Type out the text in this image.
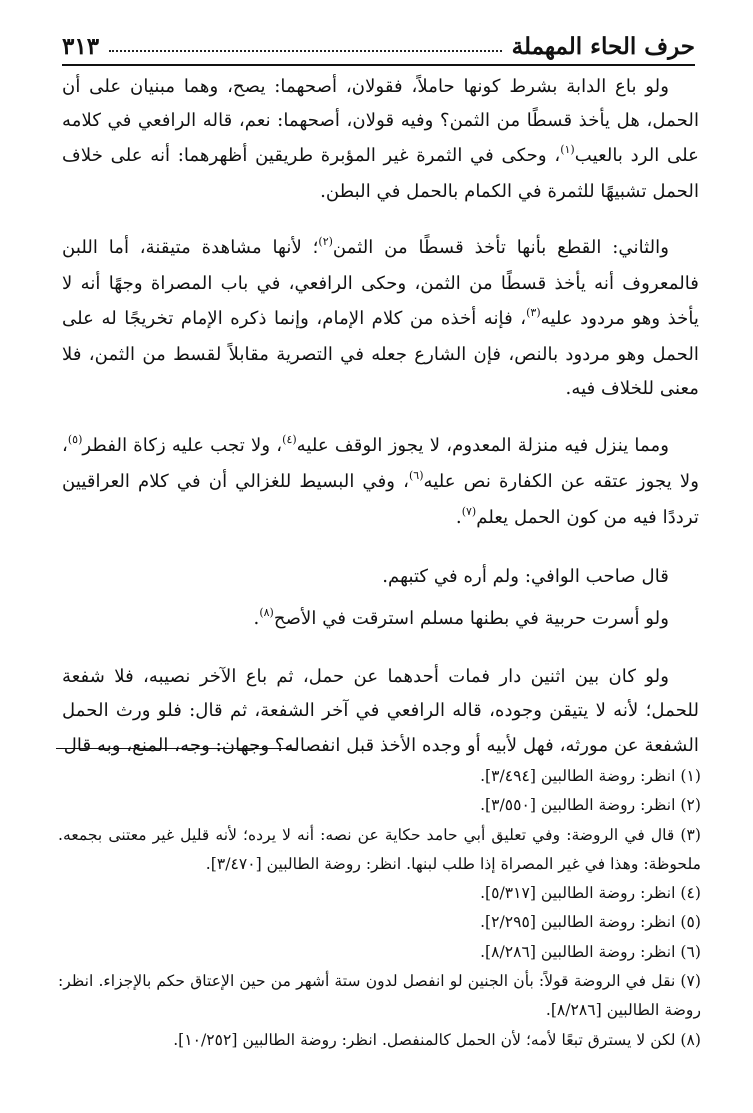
حرف الحاء المهملة
٣١٣

ولو باع الدابة بشرط كونها حاملاً، فقولان، أصحهما: يصح، وهما مبنيان على أن الحمل، هل يأخذ قسطًا من الثمن؟ وفيه قولان، أصحهما: نعم، قاله الرافعي في كلامه على الرد بالعيب$^{(١)}$، وحكى في الثمرة غير المؤبرة طريقين أظهرهما: أنه على خلاف الحمل تشبيهًا للثمرة في الكمام بالحمل في البطن.

والثاني: القطع بأنها تأخذ قسطًا من الثمن$^{(٢)}$؛ لأنها مشاهدة متيقنة، أما اللبن فالمعروف أنه يأخذ قسطًا من الثمن، وحكى الرافعي، في باب المصراة وجهًا أنه لا يأخذ وهو مردود عليه$^{(٣)}$، فإنه أخذه من كلام الإمام، وإنما ذكره الإمام تخريجًا له على الحمل وهو مردود بالنص، فإن الشارع جعله في التصرية مقابلاً لقسط من الثمن، فلا معنى للخلاف فيه.

ومما ينزل فيه منزلة المعدوم، لا يجوز الوقف عليه$^{(٤)}$، ولا تجب عليه زكاة الفطر$^{(٥)}$، ولا يجوز عتقه عن الكفارة نص عليه$^{(٦)}$، وفي البسيط للغزالي أن في كلام العراقيين ترددًا فيه من كون الحمل يعلم$^{(٧)}$.

قال صاحب الوافي: ولم أره في كتبهم.

ولو أسرت حربية في بطنها مسلم استرقت في الأصح$^{(٨)}$.

ولو كان بين اثنين دار فمات أحدهما عن حمل، ثم باع الآخر نصيبه، فلا شفعة للحمل؛ لأنه لا يتيقن وجوده، قاله الرافعي في آخر الشفعة، ثم قال: فلو ورث الحمل الشفعة عن مورثه، فهل لأبيه أو وجده الأخذ قبل انفصاله؟ وجهان: وجه، المنع، وبه قال

(١) انظر: روضة الطالبين [٣/٤٩٤].

(٢) انظر: روضة الطالبين [٣/٥٥٠].

(٣) قال في الروضة: وفي تعليق أبي حامد حكاية عن نصه: أنه لا يرده؛ لأنه قليل غير معتنى بجمعه. ملحوظة: وهذا في غير المصراة إذا طلب لبنها. انظر: روضة الطالبين [٣/٤٧٠].

(٤) انظر: روضة الطالبين [٥/٣١٧].

(٥) انظر: روضة الطالبين [٢/٢٩٥].

(٦) انظر: روضة الطالبين [٨/٢٨٦].

(٧) نقل في الروضة قولاً: بأن الجنين لو انفصل لدون ستة أشهر من حين الإعتاق حكم بالإجزاء. انظر: روضة الطالبين [٨/٢٨٦].

(٨) لكن لا يسترق تبعًا لأمه؛ لأن الحمل كالمنفصل. انظر: روضة الطالبين [١٠/٢٥٢].
